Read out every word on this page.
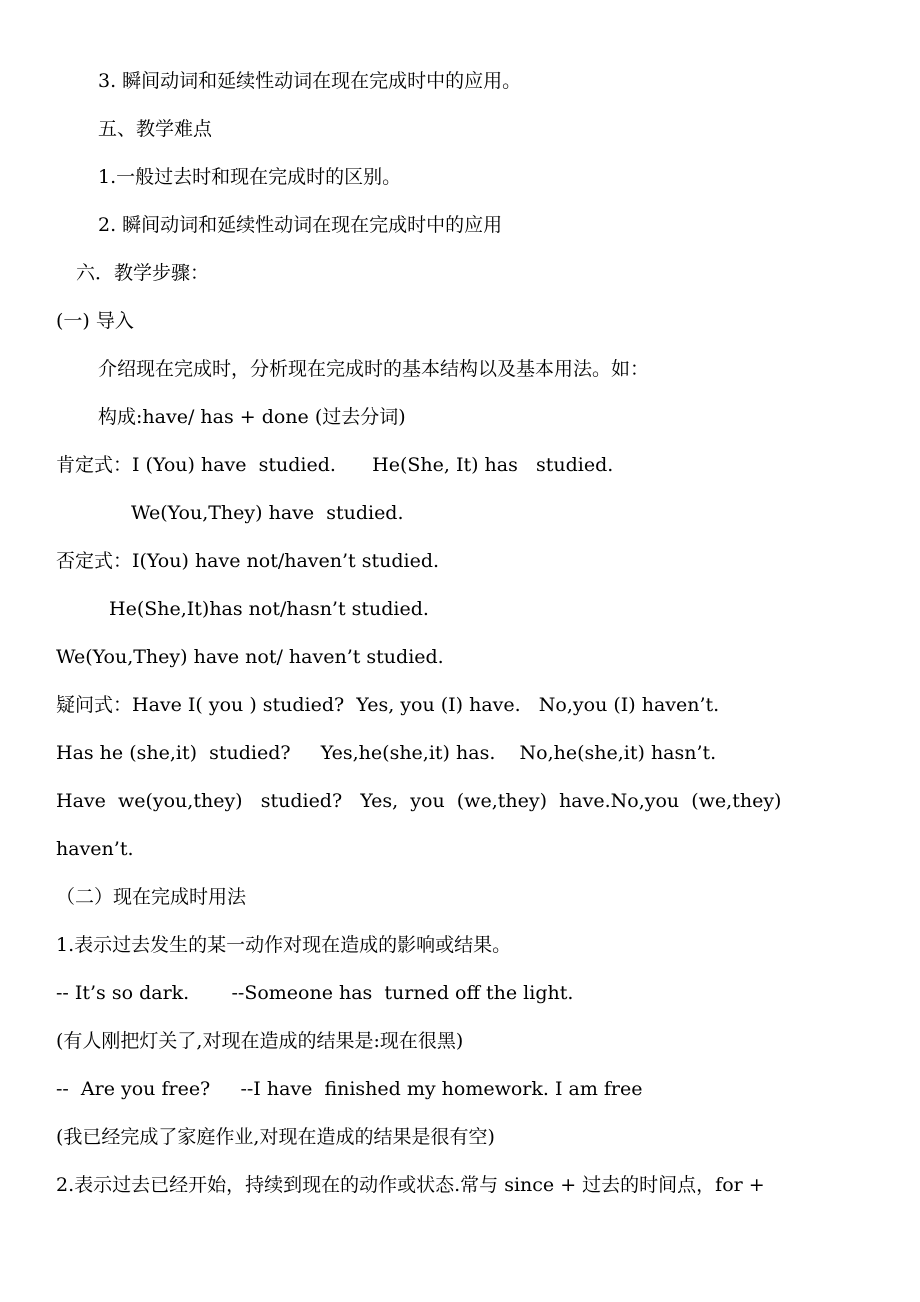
3. 瞬间动词和延续性动词在现在完成时中的应用。
五、教学难点
1.一般过去时和现在完成时的区别。
2. 瞬间动词和延续性动词在现在完成时中的应用
六．教学步骤：
(一) 导入
介绍现在完成时，分析现在完成时的基本结构以及基本用法。如：
构成:have/ has + done (过去分词)
肯定式：I (You) have  studied.      He(She, It) has   studied.
We(You,They) have  studied.
否定式：I(You) have not/haven’t studied.
He(She,It)has not/hasn’t studied.
We(You,They) have not/ haven’t studied.
疑问式：Have I( you ) studied?  Yes, you (I) have.   No,you (I) haven’t.
Has he (she,it)  studied?     Yes,he(she,it) has.    No,he(she,it) hasn’t.
Have  we(you,they)   studied?   Yes,  you  (we,they)  have.No,you  (we,they)
haven’t.
（二）现在完成时用法
1.表示过去发生的某一动作对现在造成的影响或结果。
-- It’s so dark.       --Someone has  turned off the light.
(有人刚把灯关了,对现在造成的结果是:现在很黑)
--  Are you free?     --I have  finished my homework. I am free
(我已经完成了家庭作业,对现在造成的结果是很有空)
2.表示过去已经开始，持续到现在的动作或状态.常与 since + 过去的时间点，for +
